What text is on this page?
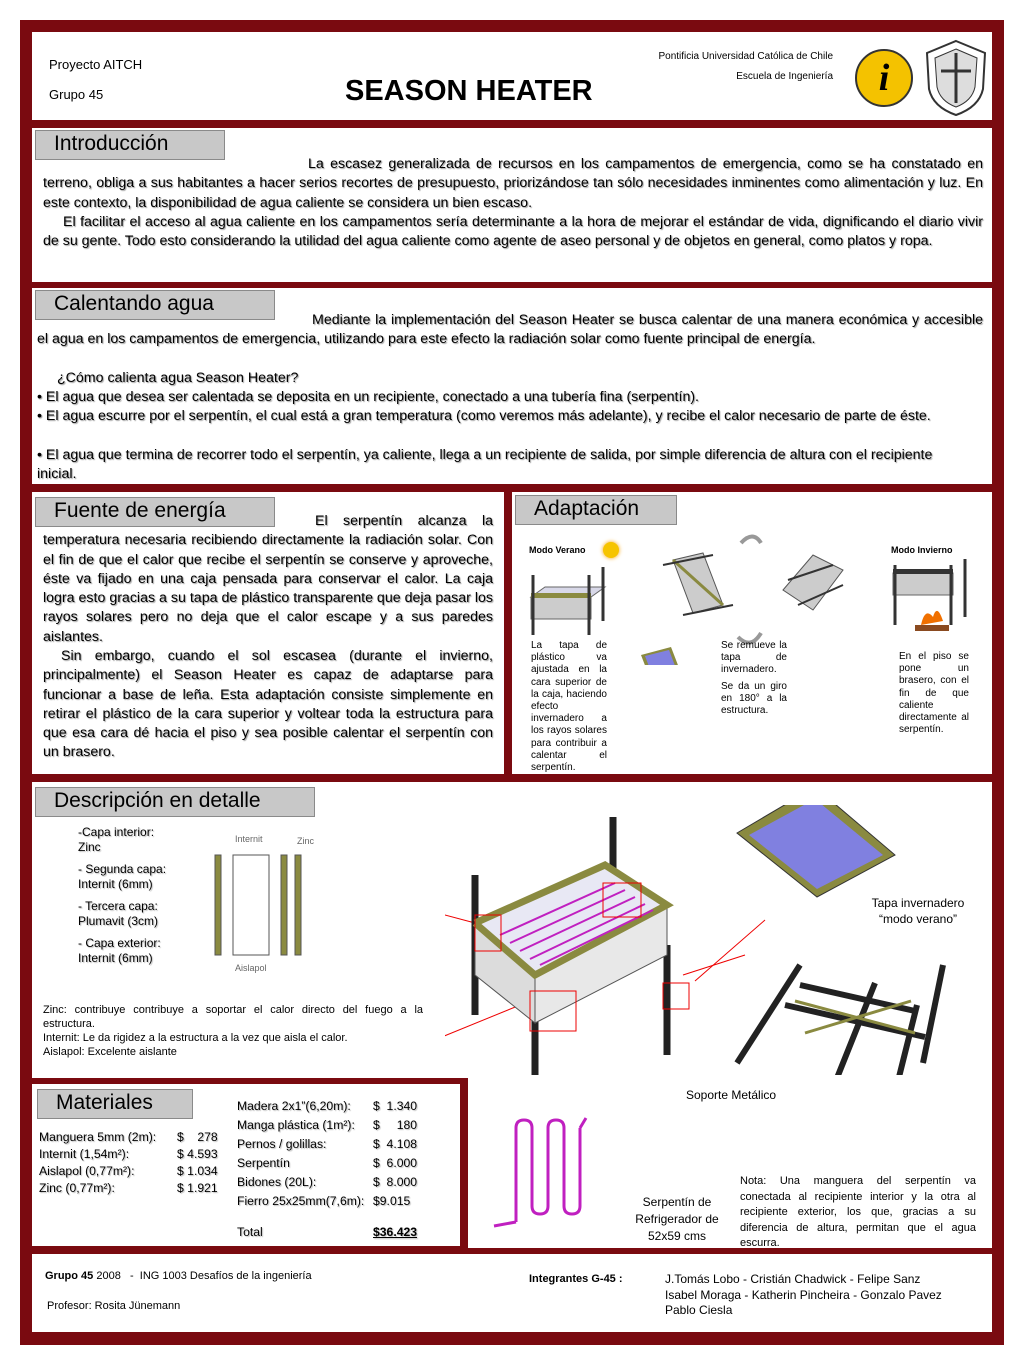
Proyecto AITCH
Grupo 45	SEASON HEATER
Pontificia Universidad Católica de Chile
Escuela de Ingeniería	i
Introducción
La escasez generalizada de recursos en los campamentos de emergencia, como se ha constatado en terreno, obliga a sus habitantes a hacer serios recortes de presupuesto, priorizándose tan sólo necesidades inminentes como alimentación y luz. En este contexto, la disponibilidad de agua caliente se considera un bien escaso.
El facilitar el acceso al agua caliente en los campamentos sería determinante a la hora de mejorar el estándar de vida, dignificando el diario vivir de su gente. Todo esto considerando la utilidad del agua caliente como agente de aseo personal y de objetos en general, como platos y ropa.
Calentando agua
Mediante la implementación del Season Heater se busca calentar de una manera económica y accesible el agua en los campamentos de emergencia, utilizando para este efecto la radiación solar como fuente principal de energía.
¿Cómo calienta agua Season Heater?
• El agua que desea ser calentada se deposita en un recipiente, conectado a una tubería fina (serpentín).
• El agua escurre por el serpentín, el cual está a gran temperatura (como veremos más adelante), y recibe el calor necesario de parte de éste.
• El agua que termina de recorrer todo el serpentín, ya caliente, llega a un recipiente de salida, por simple diferencia de altura con el recipiente inicial.
Fuente de energía	El serpentín alcanza la temperatura necesaria recibiendo directamente la radiación solar. Con el fin de que el calor que recibe el serpentín se conserve y aproveche, éste va fijado en una caja pensada para conservar el calor. La caja logra esto gracias a su tapa de plástico transparente que deja pasar los rayos solares pero no deja que el calor escape y a sus paredes aislantes.
Sin embargo, cuando el sol escasea (durante el invierno, principalmente) el Season Heater es capaz de adaptarse para funcionar a base de leña. Esta adaptación consiste simplemente en retirar el plástico de la cara superior y voltear toda la estructura para que esa cara dé hacia el piso y sea posible calentar el serpentín con un brasero.
Adaptación
Modo Verano	Modo Invierno
La tapa de plástico va ajustada en la cara superior de la caja, haciendo efecto invernadero a los rayos solares para contribuir a calentar el serpentín.
Se remueve la tapa de invernadero.
Se da un giro en 180° a la estructura.
En el piso se pone un brasero, con el fin de que caliente directamente al serpentín.
Descripción en detalle
-Capa interior: Zinc
- Segunda capa: Internit (6mm)
- Tercera capa: Plumavit (3cm)
- Capa exterior: Internit (6mm)
Internit	Zinc
Aislapol
Zinc: contribuye contribuye a soportar el calor directo del fuego a la estructura.
Internit: Le da rigidez a la estructura a la vez que aisla el calor.
Aislapol: Excelente aislante
Tapa invernadero “modo verano”
Materiales
Manguera 5mm (2m):	$    278
Internit (1,54m²):	$ 4.593
Aislapol (0,77m²):	$ 1.034
Zinc (0,77m²):	$ 1.921
Madera 2x1”(6,20m):	$  1.340
Manga plástica (1m²):	$     180
Pernos / golillas:	$  4.108
Serpentín	$  6.000
Bidones (20L):	$  8.000
Fierro 25x25mm(7,6m):	$9.015

Total	$36.423
Soporte Metálico
Serpentín de Refrigerador de 52x59 cms
Nota: Una manguera del serpentín va conectada al recipiente interior y la otra al recipiente exterior, los que, gracias a su diferencia de altura, permitan que el agua escurra.
Grupo 45 2008   -  ING 1003 Desafíos de la ingeniería
Profesor: Rosita Jünemann
Integrantes G-45 :	J.Tomás Lobo - Cristián Chadwick - Felipe Sanz
Isabel Moraga - Katherin Pincheira - Gonzalo Pavez
Pablo Ciesla
